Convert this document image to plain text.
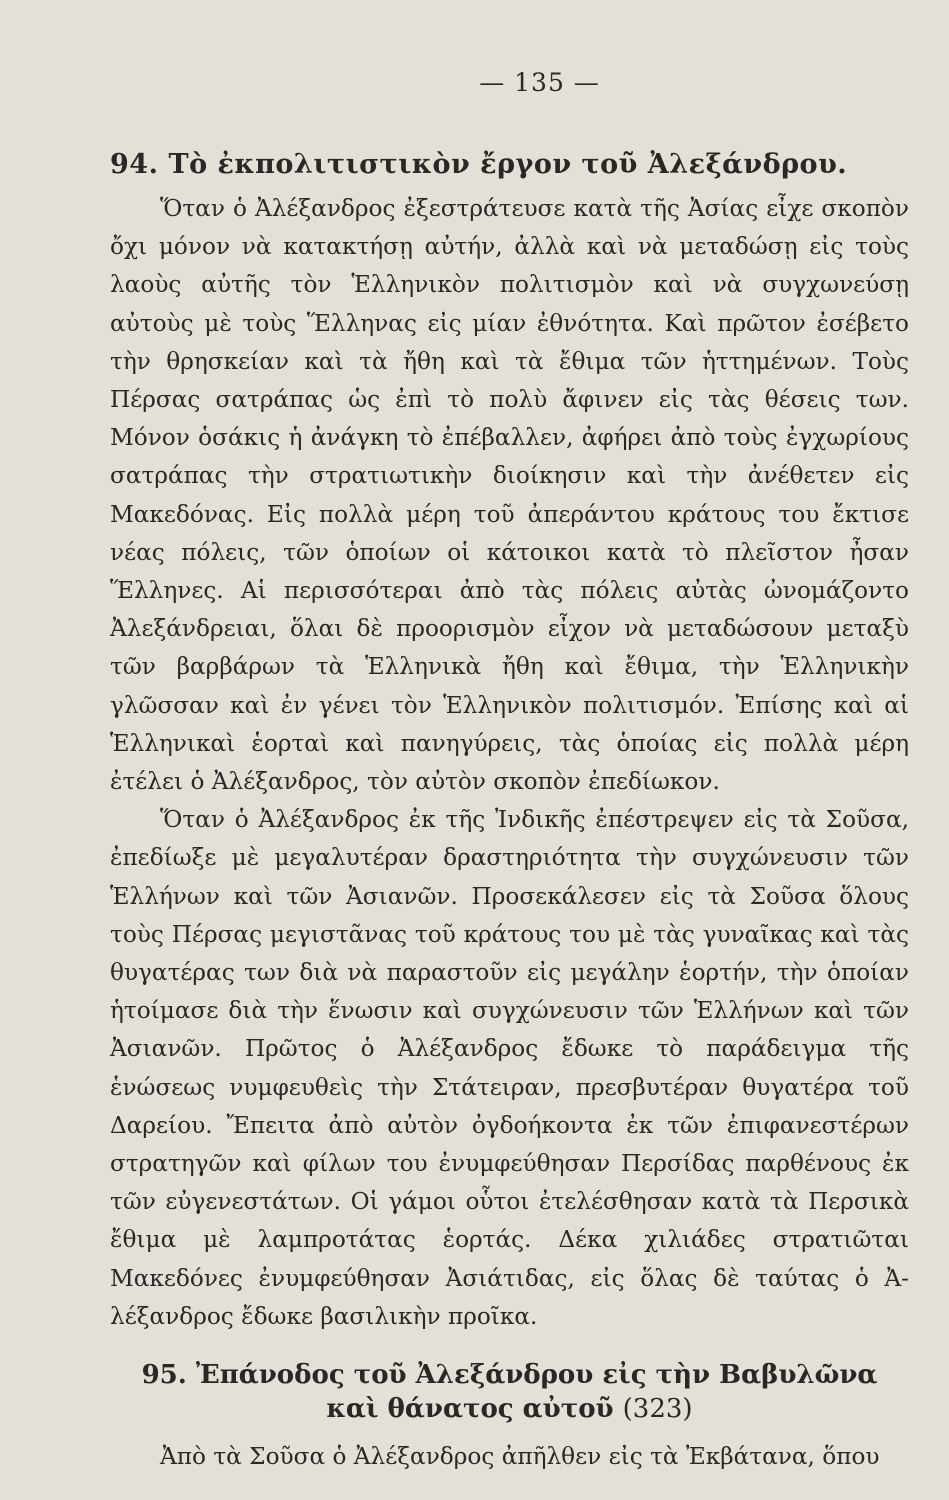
— 135 —
94. Τὸ ἐκπολιτιστικὸν ἔργον τοῦ Ἀλεξάνδρου.

Ὅταν ὁ Ἀλέξανδρος ἐξεστράτευσε κατὰ τῆς Ἀσίας εἶχε σκοπὸν ὄχι μόνον νὰ κατακτήσῃ αὐτήν, ἀλλὰ καὶ νὰ μεταδώσῃ εἰς τοὺς λαοὺς αὐτῆς τὸν Ἑλληνικὸν πολιτισμὸν καὶ νὰ συγχωνεύσῃ αὐτοὺς μὲ τοὺς Ἕλληνας εἰς μίαν ἐθνότητα. Καὶ πρῶτον ἐσέβετο τὴν θρησκείαν καὶ τὰ ἤθη καὶ τὰ ἔθιμα τῶν ἡττημένων. Τοὺς Πέρσας σατράπας ὡς ἐπὶ τὸ πολὺ ἄφινεν εἰς τὰς θέσεις των. Μόνον ὁσάκις ἡ ἀνάγκη τὸ ἐπέβαλλεν, ἀφήρει ἀπὸ τοὺς ἐγχωρίους σατράπας τὴν στρατιωτικὴν διοίκησιν καὶ τὴν ἀνέθετεν εἰς Μακεδόνας. Εἰς πολλὰ μέρη τοῦ ἀπεράντου κράτους του ἔκτισε νέας πόλεις, τῶν ὁποίων οἱ κάτοικοι κατὰ τὸ πλεῖστον ἦσαν Ἕλληνες. Αἱ περισσότεραι ἀπὸ τὰς πόλεις αὐτὰς ὠνομάζοντο Ἀλεξάνδρειαι, ὅλαι δὲ προορισμὸν εἶχον νὰ μεταδώσουν μεταξὺ τῶν βαρβάρων τὰ Ἑλληνικὰ ἤθη καὶ ἔθιμα, τὴν Ἑλληνικὴν γλῶσσαν καὶ ἐν γένει τὸν Ἑλληνικὸν πολιτισμόν. Ἐπίσης καὶ αἱ Ἑλληνικαὶ ἑορταὶ καὶ πανηγύρεις, τὰς ὁποίας εἰς πολλὰ μέρη ἐτέλει ὁ Ἀλέξανδρος, τὸν αὐτὸν σκοπὸν ἐπεδίωκον.

Ὅταν ὁ Ἀλέξανδρος ἐκ τῆς Ἰνδικῆς ἐπέστρεψεν εἰς τὰ Σοῦσα, ἐπεδίωξε μὲ μεγαλυτέραν δραστηριότητα τὴν συγχώνευσιν τῶν Ἑλλήνων καὶ τῶν Ἀσιανῶν. Προσεκάλεσεν εἰς τὰ Σοῦσα ὅλους τοὺς Πέρσας μεγιστᾶνας τοῦ κράτους του μὲ τὰς γυναῖκας καὶ τὰς θυγατέρας των διὰ νὰ παραστοῦν εἰς μεγάλην ἑορτήν, τὴν ὁποίαν ἡτοίμασε διὰ τὴν ἕνωσιν καὶ συγχώνευσιν τῶν Ἑλλήνων καὶ τῶν Ἀσιανῶν. Πρῶτος ὁ Ἀλέξανδρος ἔδωκε τὸ παράδειγμα τῆς ἑνώσεως νυμφευθεὶς τὴν Στάτειραν, πρεσβυτέραν θυγατέρα τοῦ Δαρείου. Ἔπειτα ἀπὸ αὐτὸν ὀγδοήκοντα ἐκ τῶν ἐπιφανεστέρων στρατηγῶν καὶ φίλων του ἐνυμφεύθησαν Περσίδας παρθένους ἐκ τῶν εὐγενεστάτων. Οἱ γάμοι οὗτοι ἐτελέσθησαν κατὰ τὰ Περσικὰ ἔθιμα μὲ λαμπροτάτας ἑορτάς. Δέκα χιλιάδες στρατιῶται Μακεδόνες ἐνυμφεύθησαν Ἀσιάτιδας, εἰς ὅλας δὲ ταύτας ὁ Ἀλέξανδρος ἔδωκε βασιλικὴν προῖκα.

95. Ἐπάνοδος τοῦ Ἀλεξάνδρου εἰς τὴν Βαβυλῶνα
καὶ θάνατος αὐτοῦ (323)

Ἀπὸ τὰ Σοῦσα ὁ Ἀλέξανδρος ἀπῆλθεν εἰς τὰ Ἐκβάτανα, ὅπου
